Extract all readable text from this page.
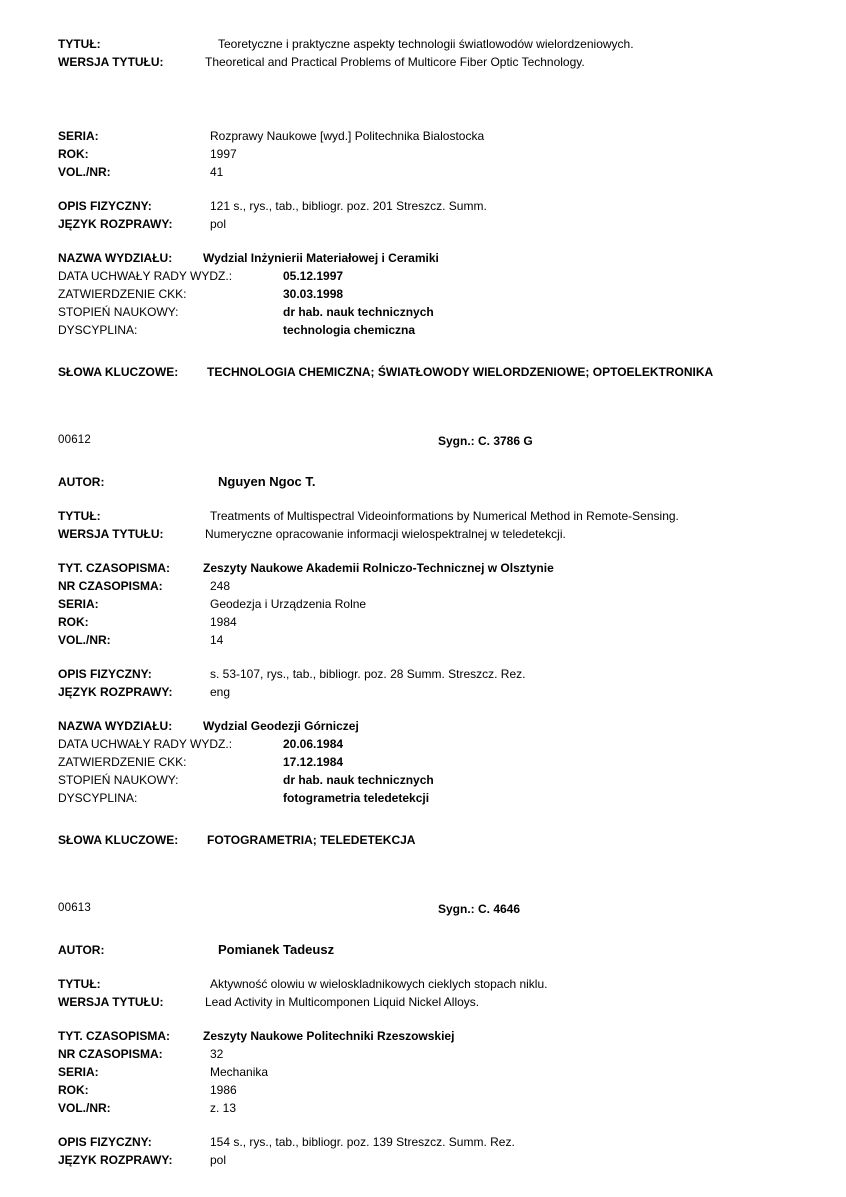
TYTUŁ:	Teoretyczne i praktyczne aspekty technologii światlowodów wielordzeniowych.
WERSJA TYTUŁU:	Theoretical and Practical Problems of Multicore Fiber Optic Technology.
SERIA:	Rozprawy Naukowe [wyd.] Politechnika Bialostocka
ROK:	1997
VOL./NR:	41
OPIS FIZYCZNY:	121 s., rys., tab., bibliogr. poz. 201 Streszcz. Summ.
JĘZYK ROZPRAWY:	pol
NAZWA WYDZIAŁU:	Wydzial Inżynierii Materiałowej i Ceramiki
DATA UCHWAŁY RADY WYDZ.:	05.12.1997
ZATWIERDZENIE CKK:	30.03.1998
STOPIEŃ NAUKOWY:	dr hab. nauk technicznych
DYSCYPLINA:	technologia chemiczna
SŁOWA KLUCZOWE: TECHNOLOGIA CHEMICZNA; ŚWIATŁOWODY WIELORDZENIOWE; OPTOELEKTRONIKA
00612	Sygn.: C. 3786 G
AUTOR:	Nguyen Ngoc T.
TYTUŁ:	Treatments of Multispectral Videoinformations by Numerical Method in Remote-Sensing.
WERSJA TYTUŁU:	Numeryczne opracowanie informacji wielospektralnej w teledetekcji.
TYT. CZASOPISMA:	Zeszyty Naukowe Akademii Rolniczo-Technicznej w Olsztynie
NR CZASOPISMA:	248
SERIA:	Geodezja i Urządzenia Rolne
ROK:	1984
VOL./NR:	14
OPIS FIZYCZNY:	s. 53-107, rys., tab., bibliogr. poz. 28 Summ. Streszcz. Rez.
JĘZYK ROZPRAWY:	eng
NAZWA WYDZIAŁU:	Wydzial Geodezji Górniczej
DATA UCHWAŁY RADY WYDZ.:	20.06.1984
ZATWIERDZENIE CKK:	17.12.1984
STOPIEŃ NAUKOWY:	dr hab. nauk technicznych
DYSCYPLINA:	fotogrametria teledetekcji
SŁOWA KLUCZOWE: FOTOGRAMETRIA; TELEDETEKCJA
00613	Sygn.: C. 4646
AUTOR:	Pomianek Tadeusz
TYTUŁ:	Aktywność olowiu w wieloskladnikowych cieklych stopach niklu.
WERSJA TYTUŁU:	Lead Activity in Multicomponen Liquid Nickel Alloys.
TYT. CZASOPISMA:	Zeszyty Naukowe Politechniki Rzeszowskiej
NR CZASOPISMA:	32
SERIA:	Mechanika
ROK:	1986
VOL./NR:	z. 13
OPIS FIZYCZNY:	154 s., rys., tab., bibliogr. poz. 139 Streszcz. Summ. Rez.
JĘZYK ROZPRAWY:	pol
